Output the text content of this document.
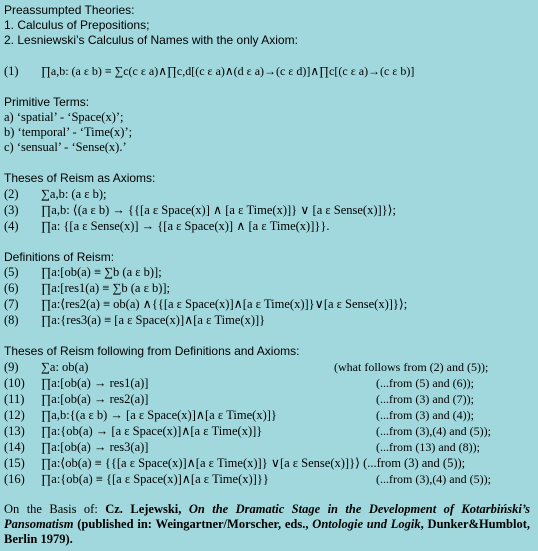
Preassumpted Theories:
1. Calculus of Prepositions;
2. Lesniewski’s Calculus of Names with the only Axiom:
(1) ∏a,b: (a ε b) ≡ ∑c(c ε a)∧∏c,d[(c ε a)∧(d ε a)→(c ε d)]∧∏c[(c ε a)→(c ε b)]
Primitive Terms:
a) ‘spatial’ - ‘Space(x)’;
b) ‘temporal’ - ‘Time(x)’;
c) ‘sensual’ - ‘Sense(x).’
Theses of Reism as Axioms:
(2) ∑a,b: (a ε b);
(3) ∏a,b: ⟨(a ε b) → {{[a ε Space(x)] ∧ [a ε Time(x)]} ∨ [a ε Sense(x)]}⟩;
(4) ∏a: {[a ε Sense(x)] → {[a ε Space(x)] ∧ [a ε Time(x)]}}.
Definitions of Reism:
(5) ∏a:[ob(a) ≡ ∑b (a ε b)];
(6) ∏a:[res1(a) ≡ ∑b (a ε b)];
(7) ∏a:⟨res2(a) ≡ ob(a) ∧{{[a ε Space(x)]∧[a ε Time(x)]}∨[a ε Sense(x)]}⟩;
(8) ∏a:{res3(a) ≡ [a ε Space(x)]∧[a ε Time(x)]}
Theses of Reism following from Definitions and Axioms:
(9) ∑a: ob(a)	(what follows from (2) and (5));
(10) ∏a:[ob(a) → res1(a)]	(...from (5) and (6));
(11) ∏a:[ob(a) → res2(a)]	(...from (3) and (7));
(12) ∏a,b:{(a ε b) → [a ε Space(x)]∧[a ε Time(x)]}	(...from (3) and (4));
(13) ∏a:{ob(a) → [a ε Space(x)]∧[a ε Time(x)]}	(...from (3),(4) and (5));
(14) ∏a:[ob(a) → res3(a)]	(...from (13) and (8));
(15) ∏a:⟨ob(a) ≡ {{[a ε Space(x)]∧[a ε Time(x)]} ∨[a ε Sense(x)]}⟩ (...from (3) and (5));
(16) ∏a:{ob(a) ≡ {[a ε Space(x)]∧[a ε Time(x)]}}	(...from (3),(4) and (5));
On the Basis of: Cz. Lejewski, On the Dramatic Stage in the Development of Kotarbiński’s Pansomatism (published in: Weingartner/Morscher, eds., Ontologie und Logik, Dunker&Humblot, Berlin 1979).
